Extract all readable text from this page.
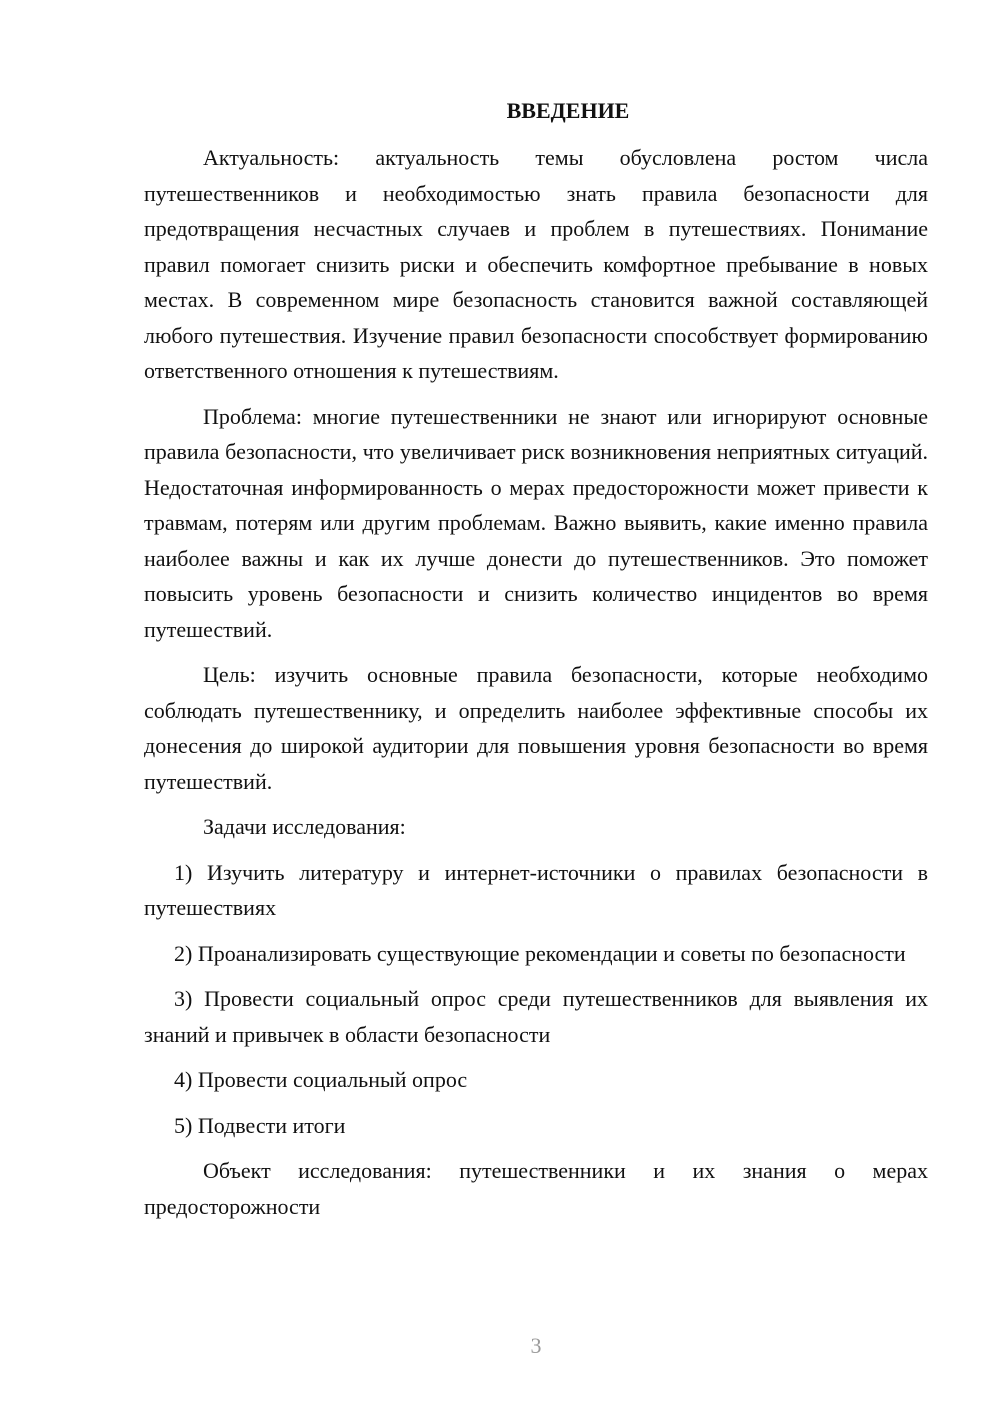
ВВЕДЕНИЕ

Актуальность: актуальность темы обусловлена ростом числа путешественников и необходимостью знать правила безопасности для предотвращения несчастных случаев и проблем в путешествиях. Понимание правил помогает снизить риски и обеспечить комфортное пребывание в новых местах. В современном мире безопасность становится важной составляющей любого путешествия. Изучение правил безопасности способствует формированию ответственного отношения к путешествиям.

Проблема: многие путешественники не знают или игнорируют основные правила безопасности, что увеличивает риск возникновения неприятных ситуаций. Недостаточная информированность о мерах предосторожности может привести к травмам, потерям или другим проблемам. Важно выявить, какие именно правила наиболее важны и как их лучше донести до путешественников. Это поможет повысить уровень безопасности и снизить количество инцидентов во время путешествий.

Цель: изучить основные правила безопасности, которые необходимо соблюдать путешественнику, и определить наиболее эффективные способы их донесения до широкой аудитории для повышения уровня безопасности во время путешествий.

Задачи исследования:

1) Изучить литературу и интернет-источники о правилах безопасности в путешествиях

2) Проанализировать существующие рекомендации и советы по безопасности

3) Провести социальный опрос среди путешественников для выявления их знаний и привычек в области безопасности

4) Провести социальный опрос

5) Подвести итоги

Объект исследования: путешественники и их знания о мерах предосторожности

3
